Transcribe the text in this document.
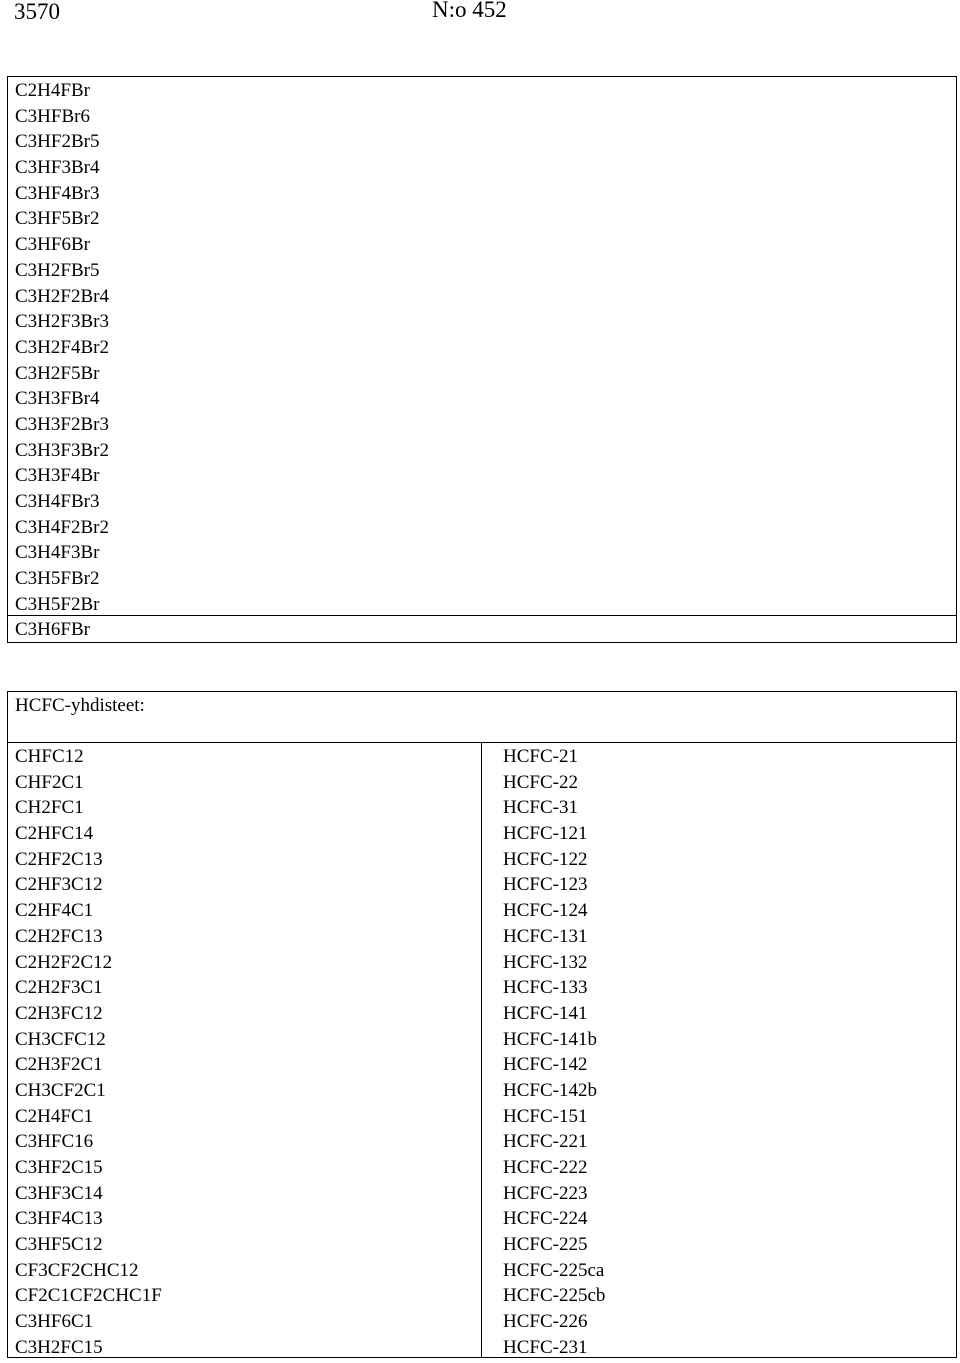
3570	N:o 452
C2H4FBr
C3HFBr6
C3HF2Br5
C3HF3Br4
C3HF4Br3
C3HF5Br2
C3HF6Br
C3H2FBr5
C3H2F2Br4
C3H2F3Br3
C3H2F4Br2
C3H2F5Br
C3H3FBr4
C3H3F2Br3
C3H3F3Br2
C3H3F4Br
C3H4FBr3
C3H4F2Br2
C3H4F3Br
C3H5FBr2
C3H5F2Br
C3H6FBr
HCFC-yhdisteet:
CHFC12
CHF2C1
CH2FC1
C2HFC14
C2HF2C13
C2HF3C12
C2HF4C1
C2H2FC13
C2H2F2C12
C2H2F3C1
C2H3FC12
CH3CFC12
C2H3F2C1
CH3CF2C1
C2H4FC1
C3HFC16
C3HF2C15
C3HF3C14
C3HF4C13
C3HF5C12
CF3CF2CHC12
CF2C1CF2CHC1F
C3HF6C1
C3H2FC15
HCFC-21
HCFC-22
HCFC-31
HCFC-121
HCFC-122
HCFC-123
HCFC-124
HCFC-131
HCFC-132
HCFC-133
HCFC-141
HCFC-141b
HCFC-142
HCFC-142b
HCFC-151
HCFC-221
HCFC-222
HCFC-223
HCFC-224
HCFC-225
HCFC-225ca
HCFC-225cb
HCFC-226
HCFC-231
